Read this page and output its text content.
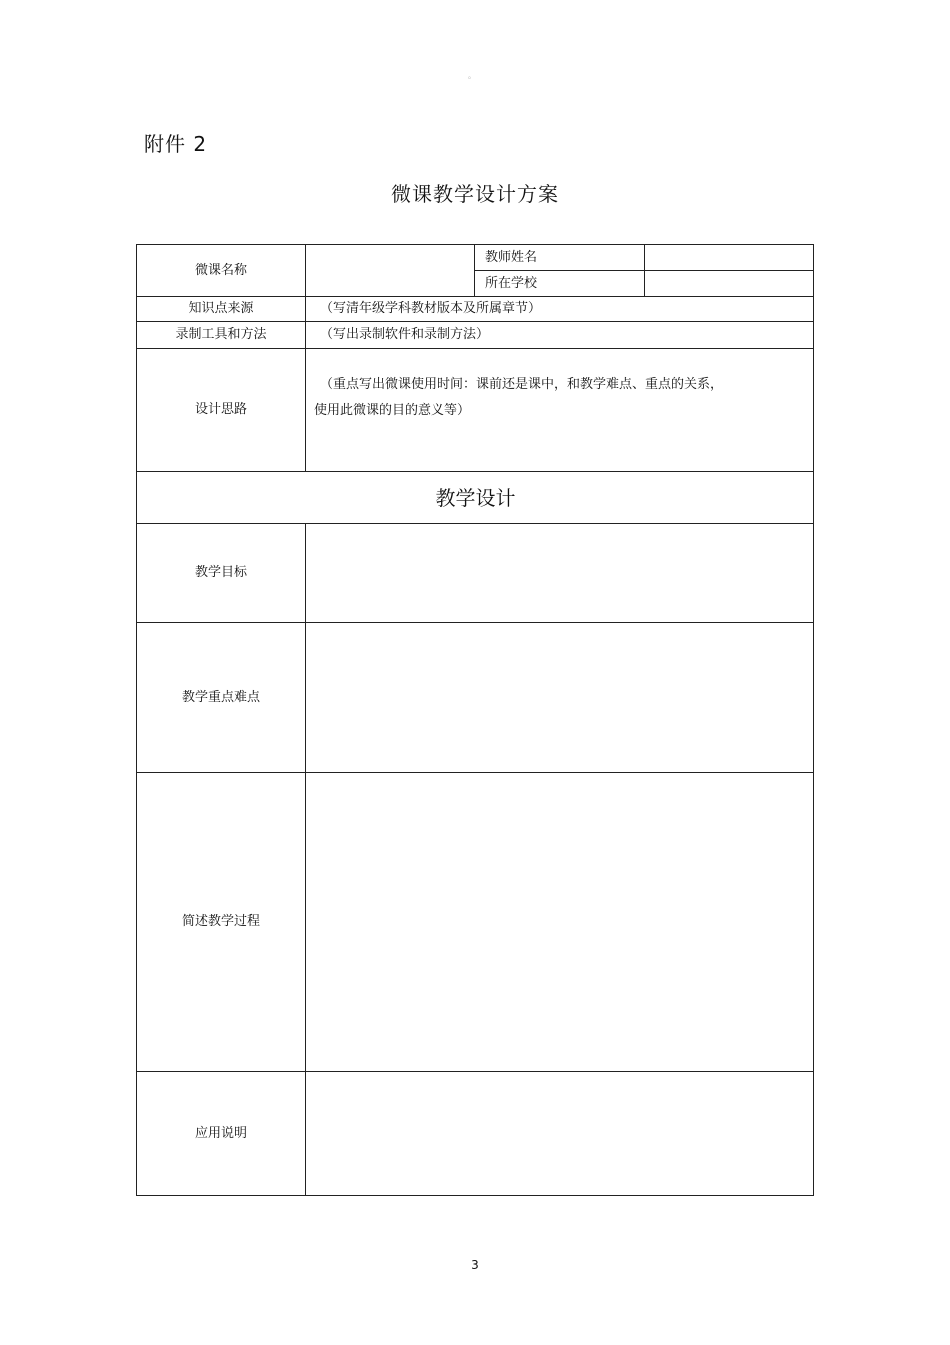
。
附件 2
微课教学设计方案
微课名称
教师姓名
所在学校
知识点来源	（写清年级学科教材版本及所属章节）
录制工具和方法	（写出录制软件和录制方法）
设计思路
（重点写出微课使用时间：课前还是课中，和教学难点、重点的关系，
使用此微课的目的意义等）
教学设计
教学目标
教学重点难点
简述教学过程
应用说明
3
